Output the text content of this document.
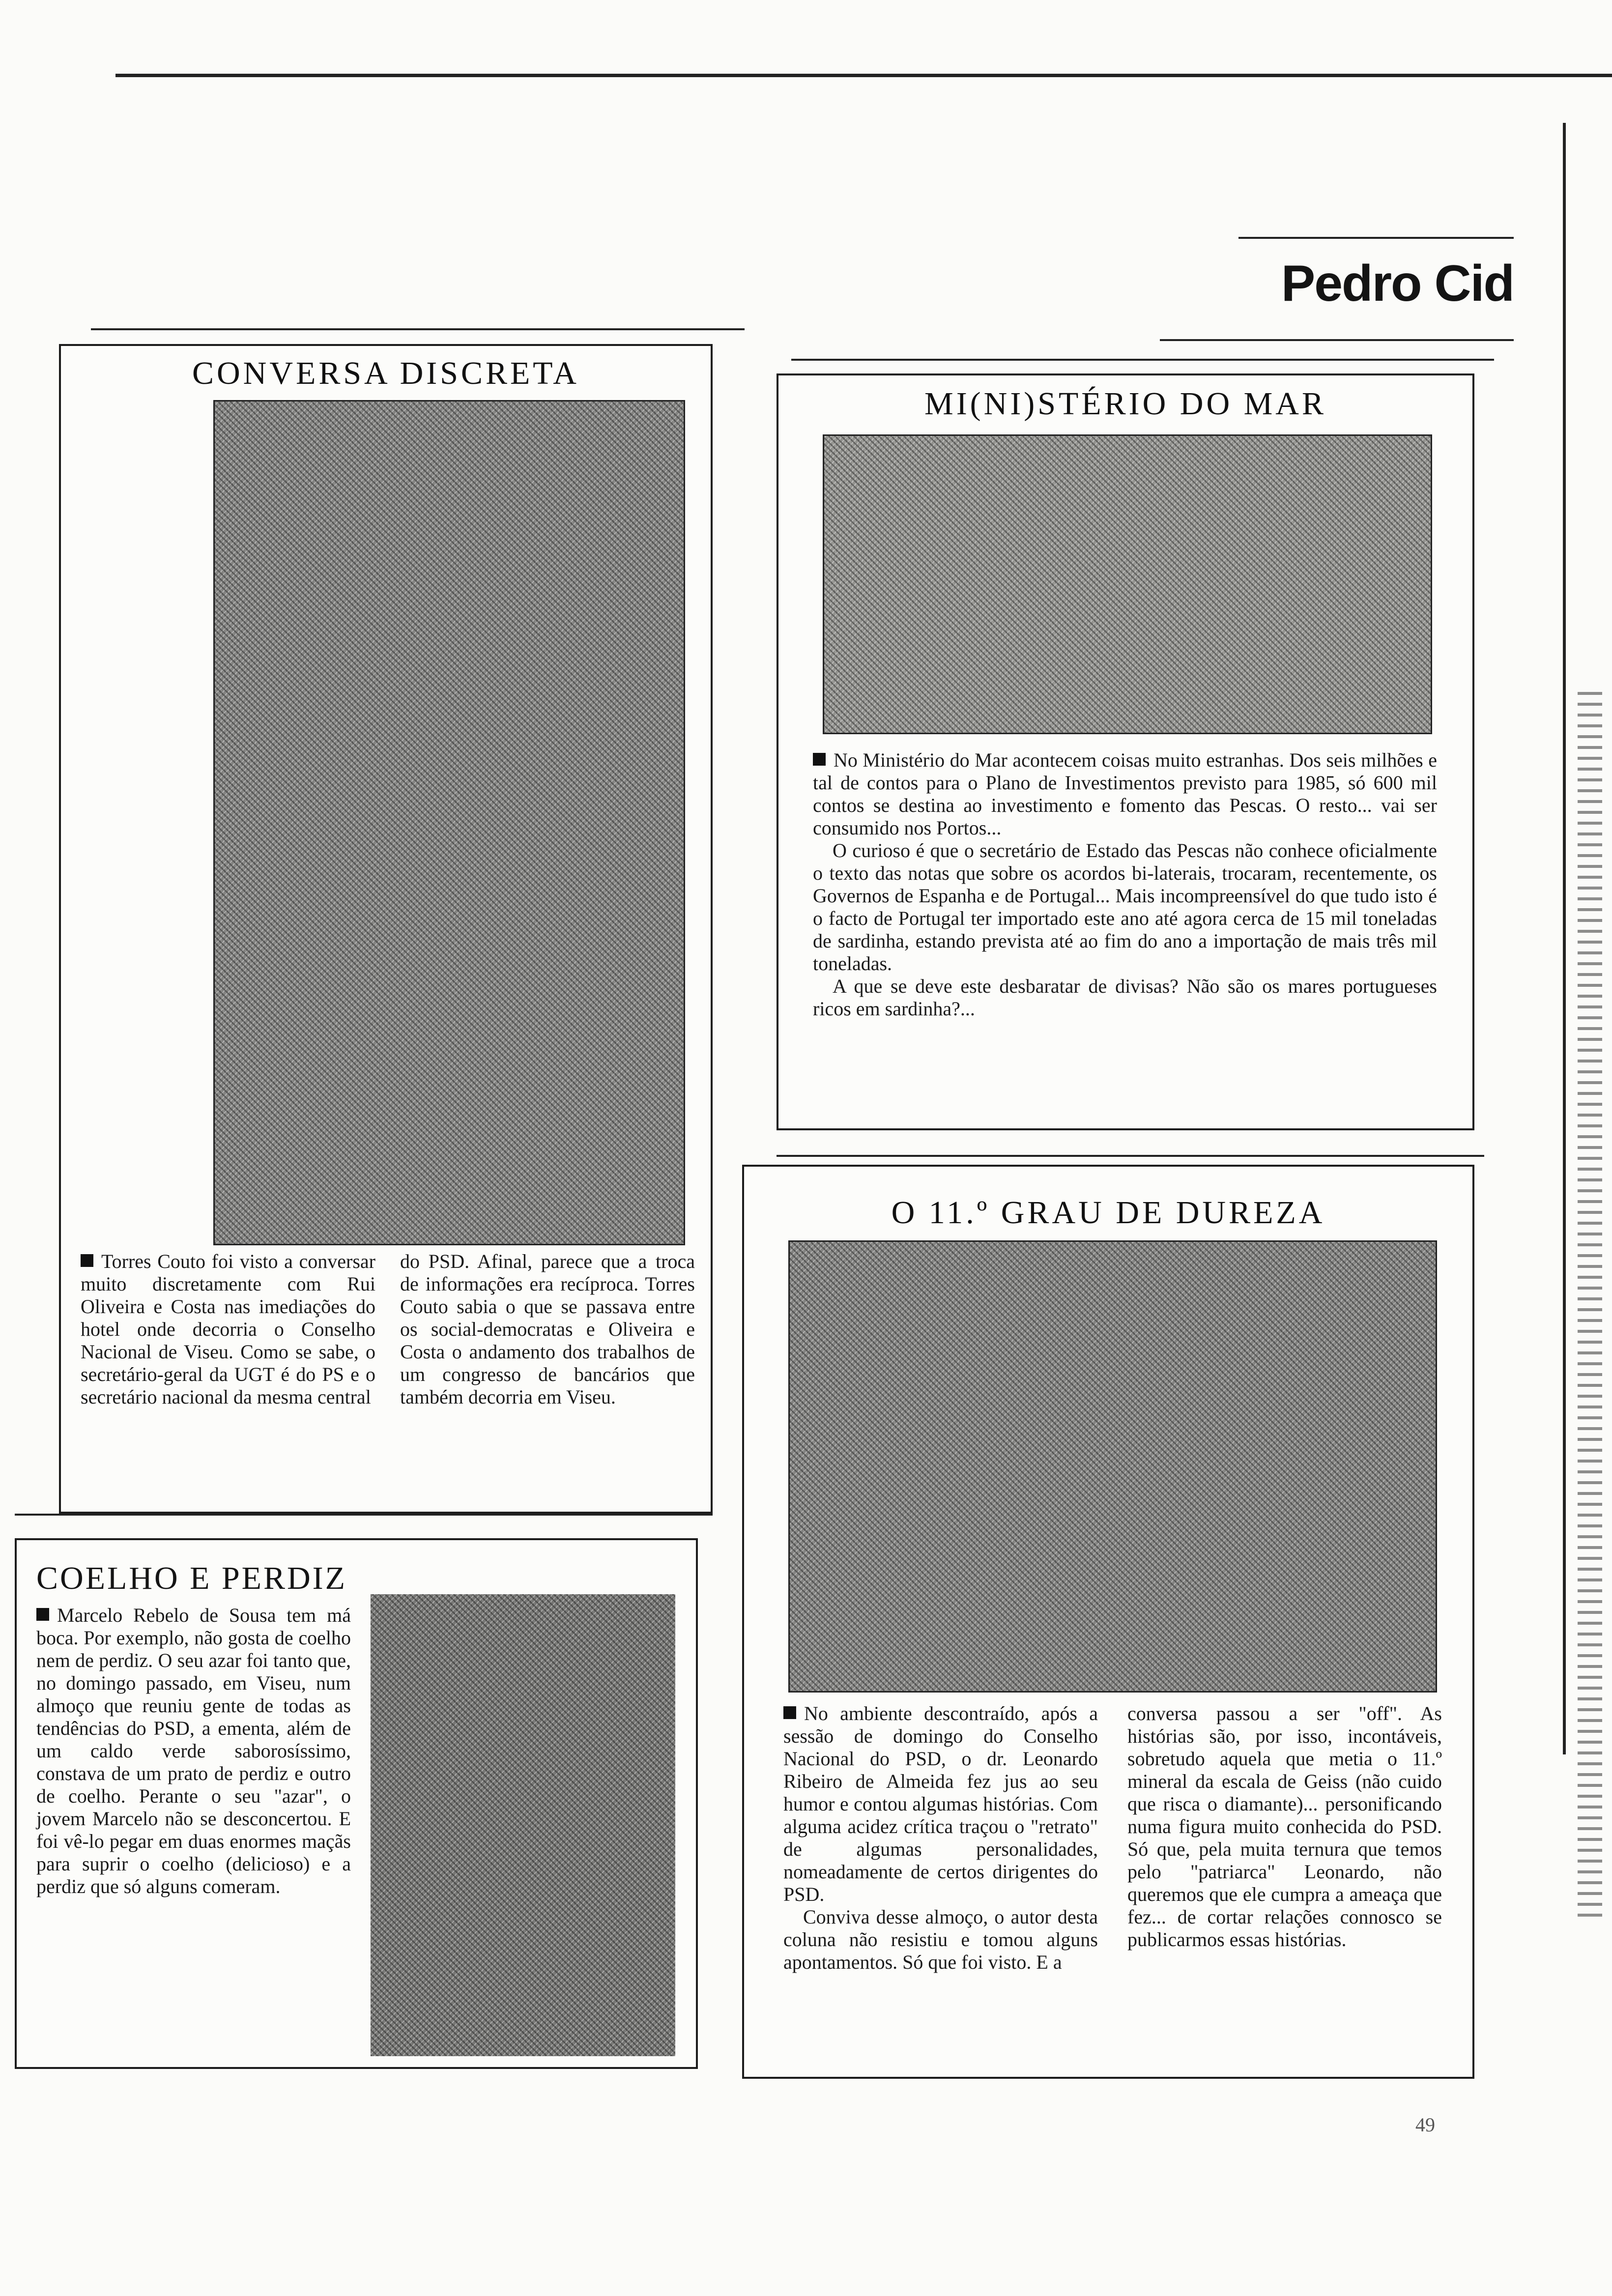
Pedro Cid
CONVERSA DISCRETA

Torres Couto foi visto a conversar muito discretamente com Rui Oliveira e Costa nas imediações do hotel onde decorria o Conselho Nacional de Viseu. Como se sabe, o secretário-geral da UGT é do PS e o secretário nacional da mesma central

do PSD. Afinal, parece que a troca de informações era recíproca. Torres Couto sabia o que se passava entre os social-democratas e Oliveira e Costa o andamento dos trabalhos de um congresso de bancários que também decorria em Viseu.

MI(NI)STÉRIO DO MAR

No Ministério do Mar acontecem coisas muito estranhas. Dos seis milhões e tal de contos para o Plano de Investimentos previsto para 1985, só 600 mil contos se destina ao investimento e fomento das Pescas. O resto... vai ser consumido nos Portos...

O curioso é que o secretário de Estado das Pescas não conhece oficialmente o texto das notas que sobre os acordos bi-laterais, trocaram, recentemente, os Governos de Espanha e de Portugal... Mais incompreensível do que tudo isto é o facto de Portugal ter importado este ano até agora cerca de 15 mil toneladas de sardinha, estando prevista até ao fim do ano a importação de mais três mil toneladas.

A que se deve este desbaratar de divisas? Não são os mares portugueses ricos em sardinha?...

COELHO E PERDIZ

Marcelo Rebelo de Sousa tem má boca. Por exemplo, não gosta de coelho nem de perdiz. O seu azar foi tanto que, no domingo passado, em Viseu, num almoço que reuniu gente de todas as tendências do PSD, a ementa, além de um caldo verde saborosíssimo, constava de um prato de perdiz e outro de coelho. Perante o seu "azar", o jovem Marcelo não se desconcertou. E foi vê-lo pegar em duas enormes maçãs para suprir o coelho (delicioso) e a perdiz que só alguns comeram.

O 11.º GRAU DE DUREZA

No ambiente descontraído, após a sessão de domingo do Conselho Nacional do PSD, o dr. Leonardo Ribeiro de Almeida fez jus ao seu humor e contou algumas histórias. Com alguma acidez crítica traçou o "retrato" de algumas personalidades, nomeadamente de certos dirigentes do PSD.

Conviva desse almoço, o autor desta coluna não resistiu e tomou alguns apontamentos. Só que foi visto. E a

conversa passou a ser "off". As histórias são, por isso, incontáveis, sobretudo aquela que metia o 11.º mineral da escala de Geiss (não cuido que risca o diamante)... personificando numa figura muito conhecida do PSD. Só que, pela muita ternura que temos pelo "patriarca" Leonardo, não queremos que ele cumpra a ameaça que fez... de cortar relações connosco se publicarmos essas histórias.

49
